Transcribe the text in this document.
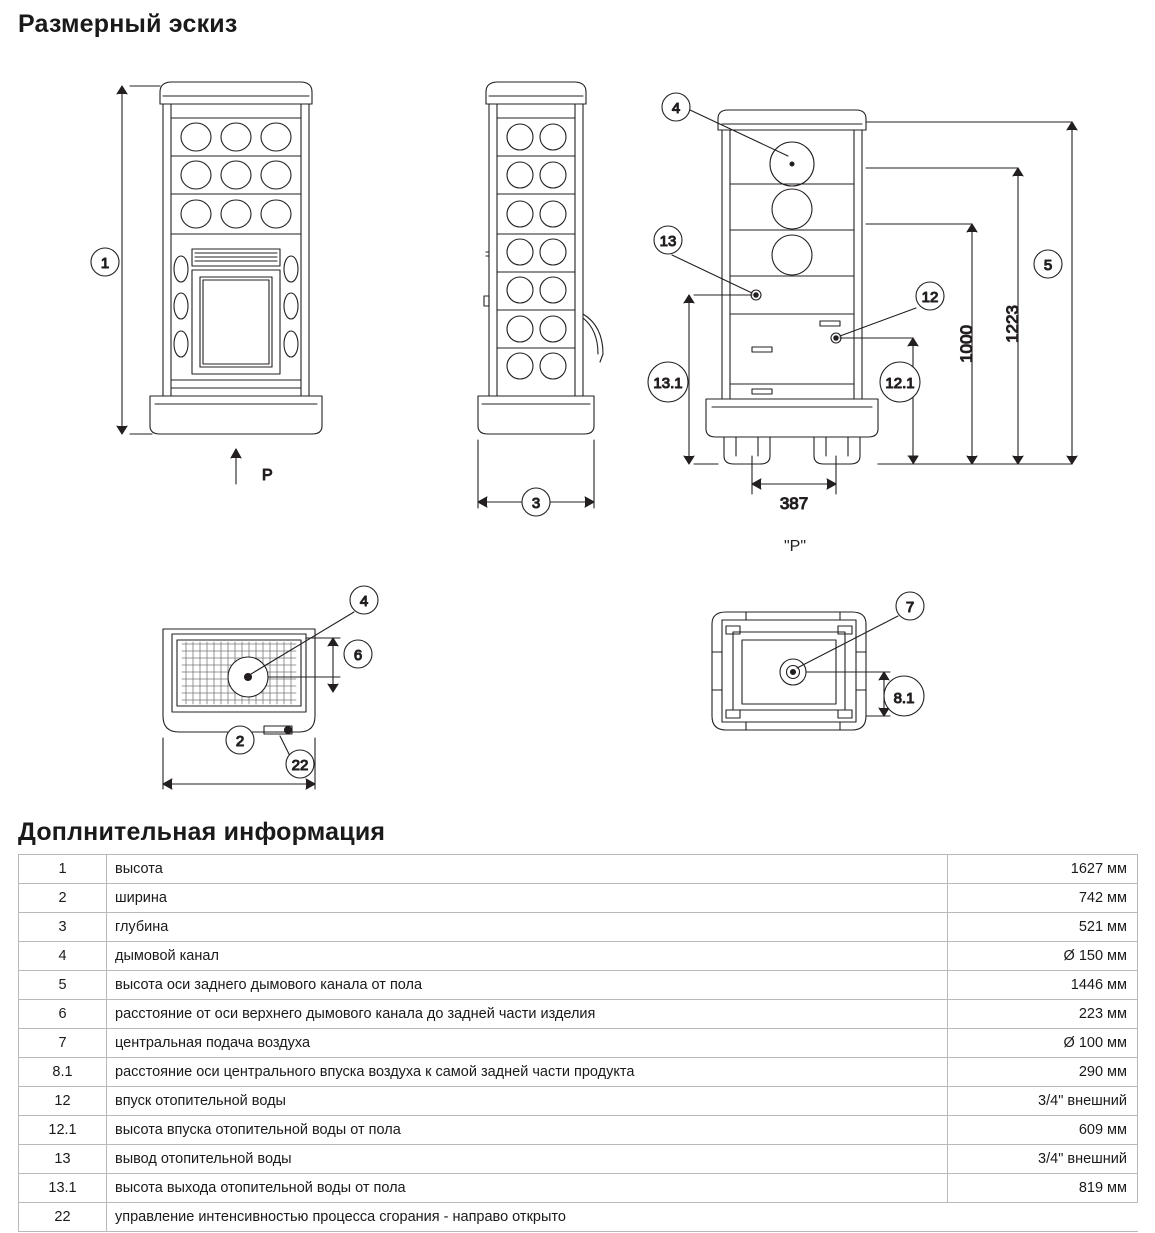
Размерный эскиз
1
P
3
4
13
12
13.1	12.1
1000
1223
5
387
4
6
22
2
7
8.1
"P"
Доплнительная информация
1	высота	1627 мм
2	ширина	742 мм
3	глубина	521 мм
4	дымовой канал	Ø 150 мм
5	высота оси заднего дымового канала от пола	1446 мм
6	расстояние от оси верхнего дымового канала до задней части изделия	223 мм
7	центральная подача воздуха	Ø 100 мм
8.1	расстояние оси центрального впуска воздуха к самой задней части продукта	290 мм
12	впуск отопительной воды	3/4" внешний
12.1	высота впуска отопительной воды от пола	609 мм
13	вывод отопительной воды	3/4" внешний
13.1	высота выхода отопительной воды от пола	819 мм
22	управление интенсивностью процесса сгорания - направо открыто	
